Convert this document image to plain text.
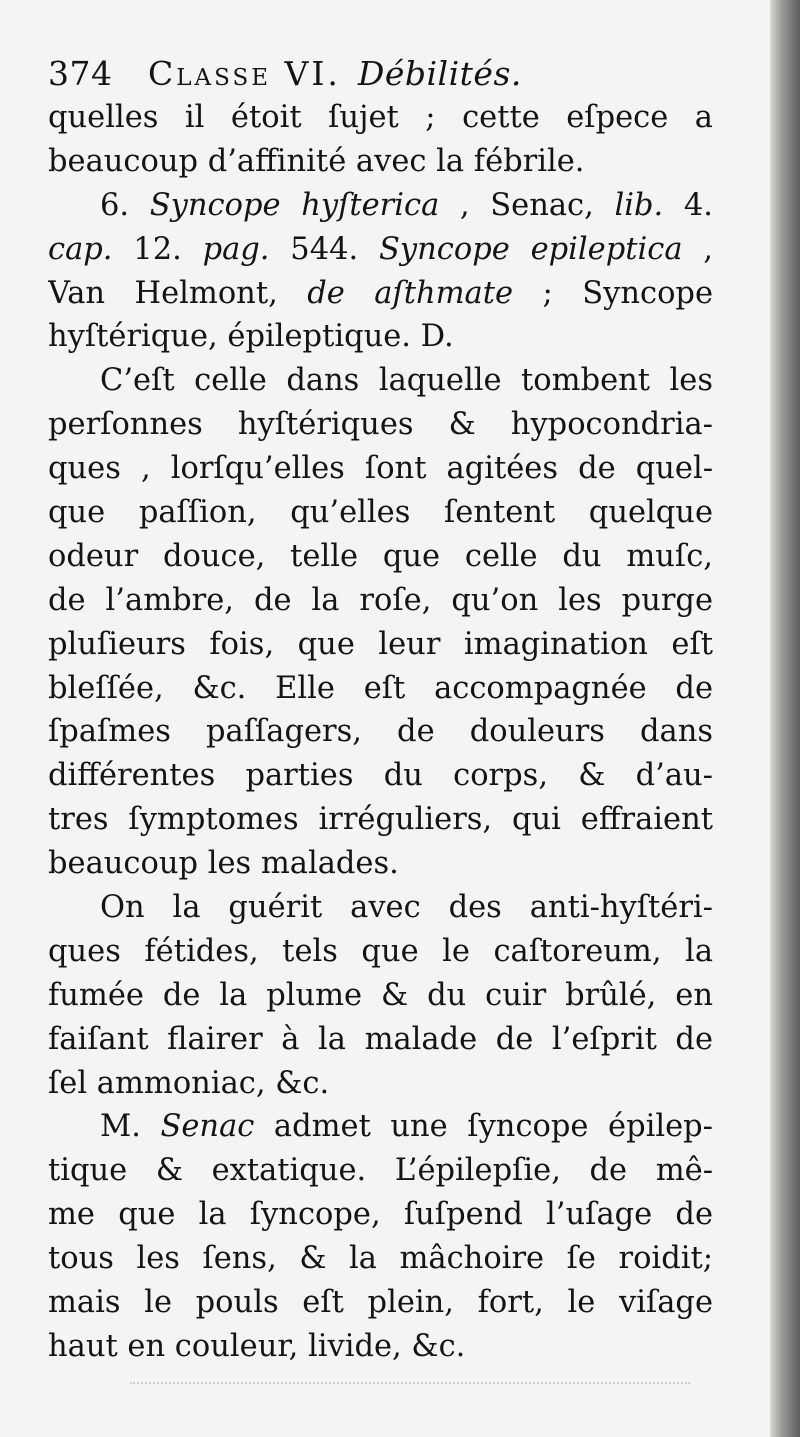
374 Classe VI. Débilités.
quelles il étoit ſujet ; cette eſpece a
beaucoup d’affinité avec la fébrile.
6. Syncope hyſterica , Senac, lib. 4.
cap. 12. pag. 544. Syncope epileptica ,
Van Helmont, de aſthmate ; Syncope
hyſtérique, épileptique. D.
C’eſt celle dans laquelle tombent les
perſonnes hyſtériques & hypocondria-
ques , lorſqu’elles ſont agitées de quel-
que paſſion, qu’elles ſentent quelque
odeur douce, telle que celle du muſc,
de l’ambre, de la roſe, qu’on les purge
pluſieurs fois, que leur imagination eſt
bleſſée, &c. Elle eſt accompagnée de
ſpaſmes paſſagers, de douleurs dans
différentes parties du corps, & d’au-
tres ſymptomes irréguliers, qui effraient
beaucoup les malades.
On la guérit avec des anti-hyſtéri-
ques fétides, tels que le caſtoreum, la
fumée de la plume & du cuir brûlé, en
faiſant flairer à la malade de l’eſprit de
ſel ammoniac, &c.
M. Senac admet une ſyncope épilep-
tique & extatique. L’épilepſie, de mê-
me que la ſyncope, ſuſpend l’uſage de
tous les ſens, & la mâchoire ſe roidit;
mais le pouls eſt plein, fort, le viſage
haut en couleur, livide, &c.
